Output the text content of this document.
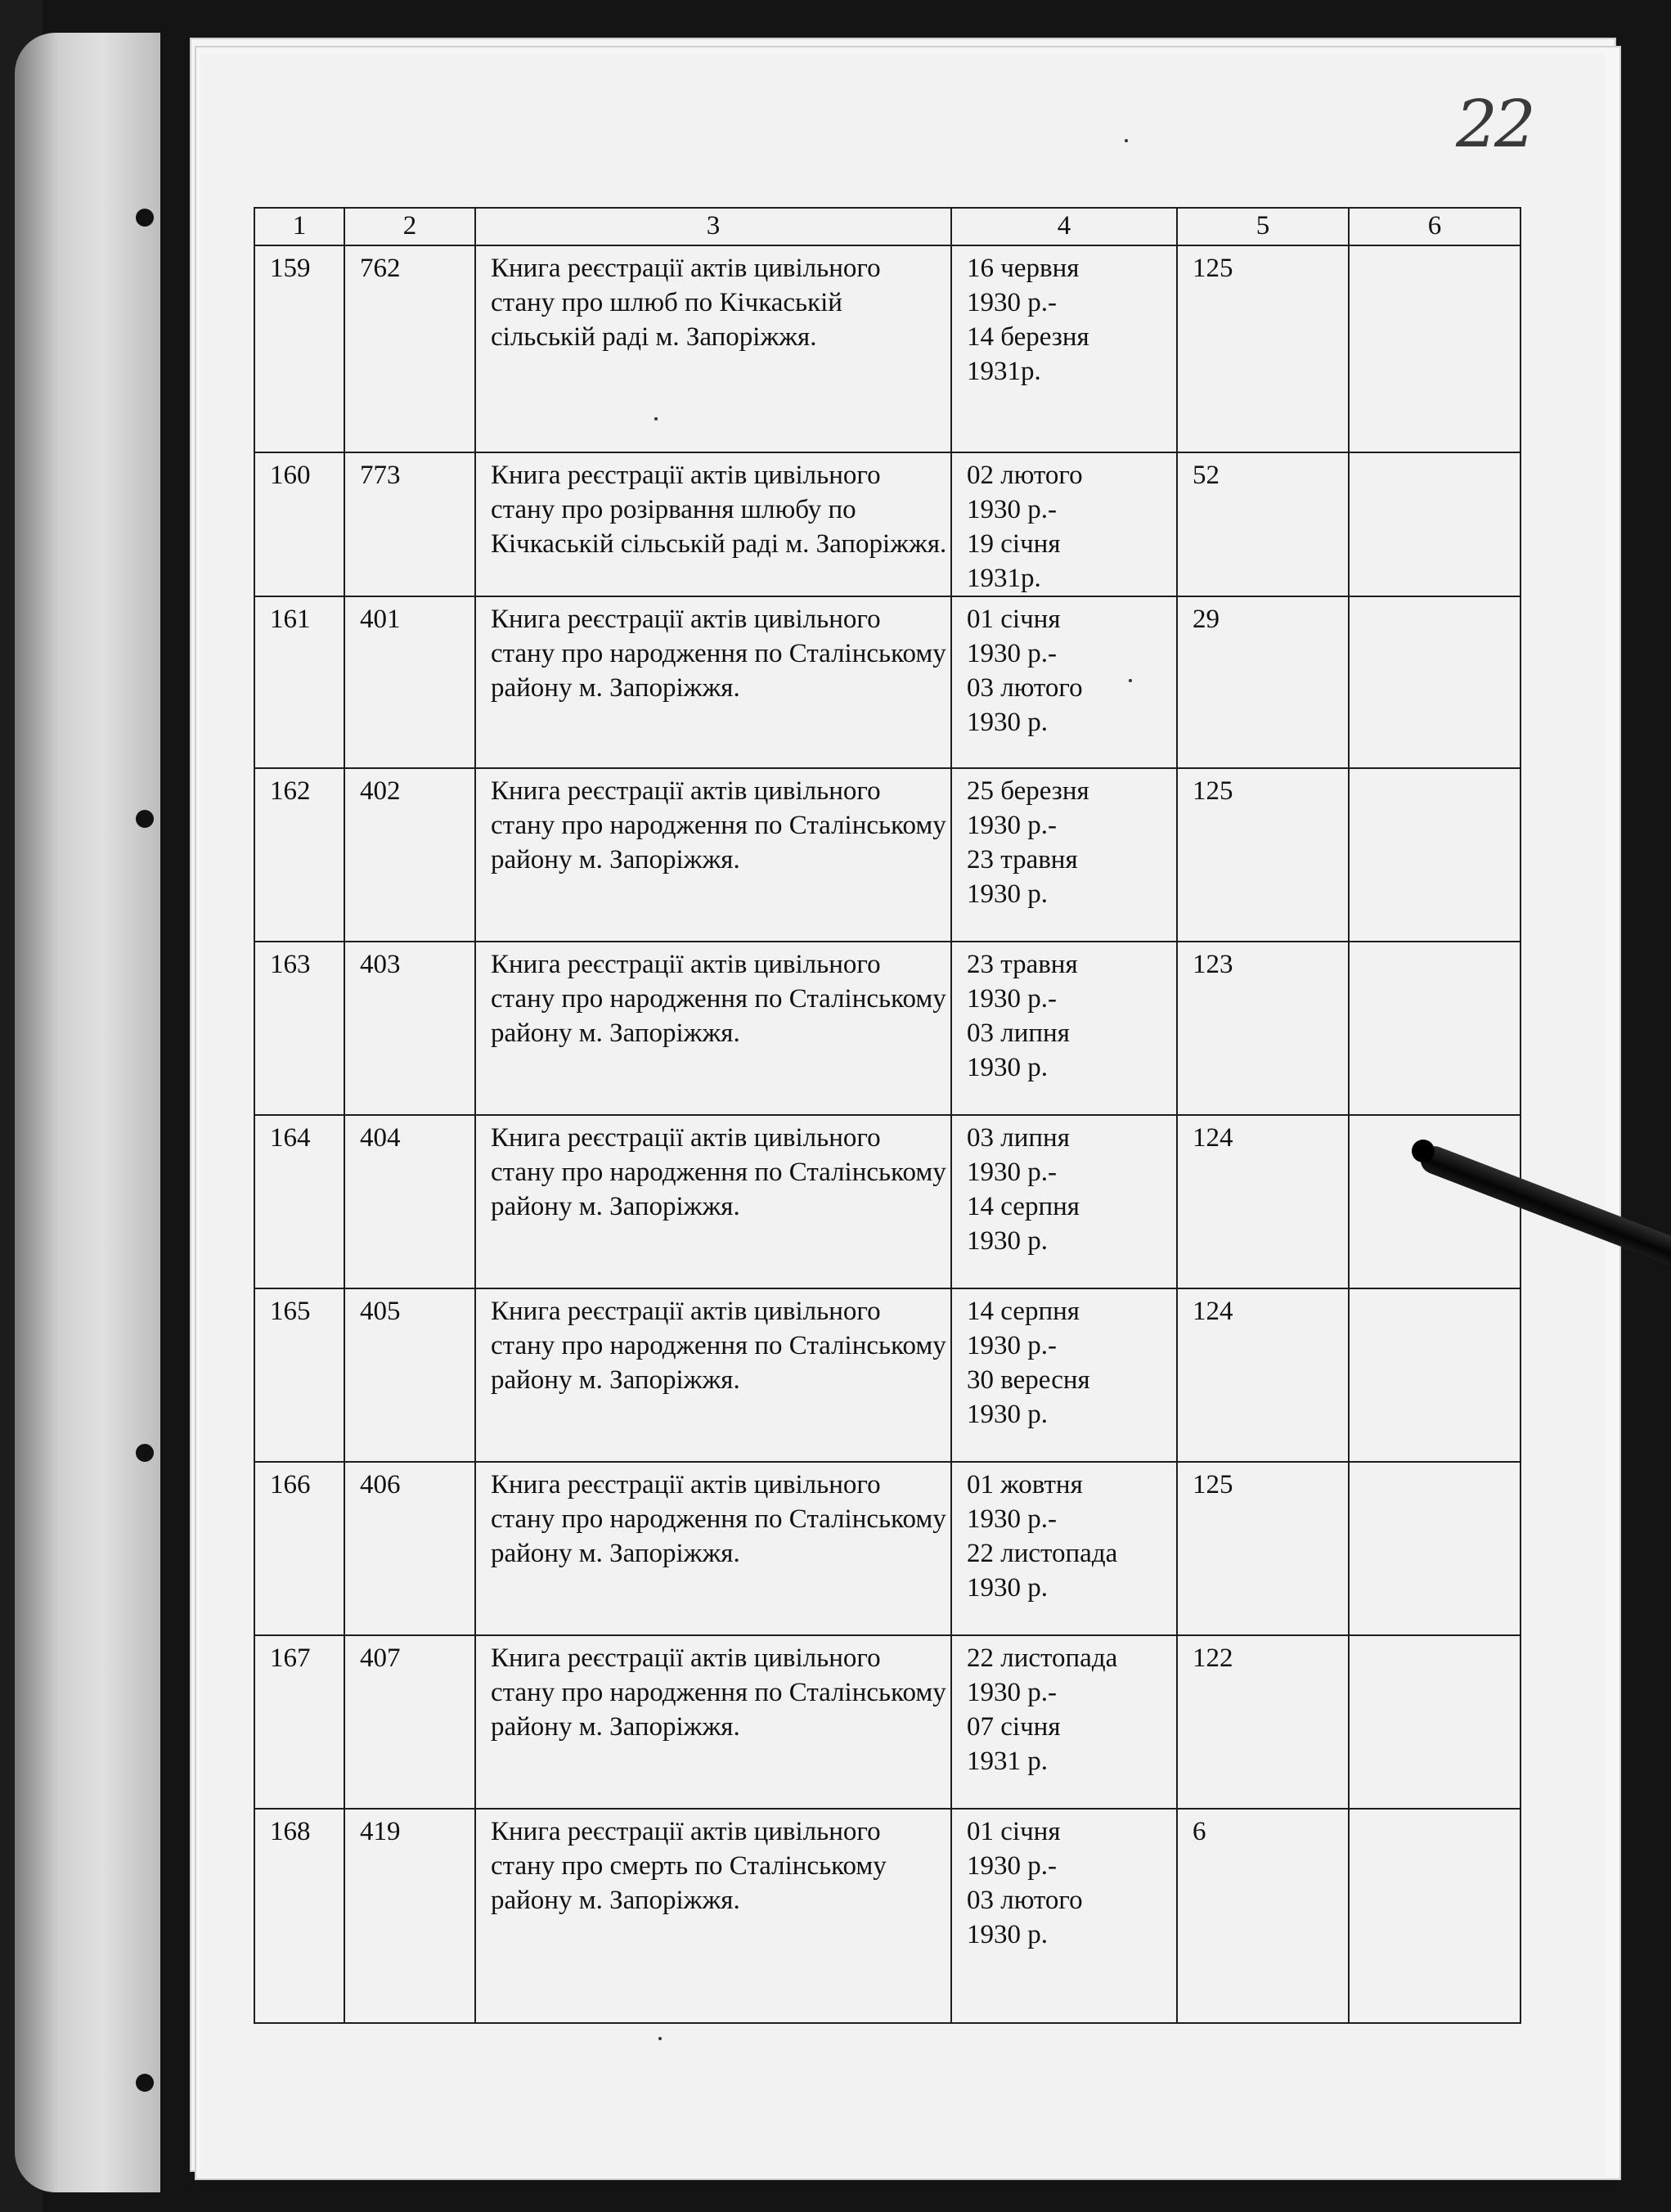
22
1	2	3	4	5	6
159	762	Книга реєстрації актів цивільного стану про шлюб по Кічкаській сільській раді м. Запоріжжя.	16 червня
1930 р.-
14 березня
1931р.	125	
160	773	Книга реєстрації актів цивільного стану про розірвання шлюбу по Кічкаській сільській раді м. Запоріжжя.	02 лютого
1930 р.-
19 січня
1931р.	52	
161	401	Книга реєстрації актів цивільного стану про народження по Сталінському району м. Запоріжжя.	01 січня
1930 р.-
03 лютого
1930 р.	29	
162	402	Книга реєстрації актів цивільного стану про народження по Сталінському району м. Запоріжжя.	25 березня
1930 р.-
23 травня
1930 р.	125	
163	403	Книга реєстрації актів цивільного стану про народження по Сталінському району м. Запоріжжя.	23 травня
1930 р.-
03 липня
1930 р.	123	
164	404	Книга реєстрації актів цивільного стану про народження по Сталінському району м. Запоріжжя.	03 липня
1930 р.-
14 серпня
1930 р.	124	
165	405	Книга реєстрації актів цивільного стану про народження по Сталінському району м. Запоріжжя.	14 серпня
1930 р.-
30 вересня
1930 р.	124	
166	406	Книга реєстрації актів цивільного стану про народження по Сталінському району м. Запоріжжя.	01 жовтня
1930 р.-
22 листопада
1930 р.	125	
167	407	Книга реєстрації актів цивільного стану про народження по Сталінському району м. Запоріжжя.	22 листопада
1930 р.-
07 січня
1931 р.	122	
168	419	Книга реєстрації актів цивільного стану про смерть по Сталінському району м. Запоріжжя.	01 січня
1930 р.-
03 лютого
1930 р.	6	
